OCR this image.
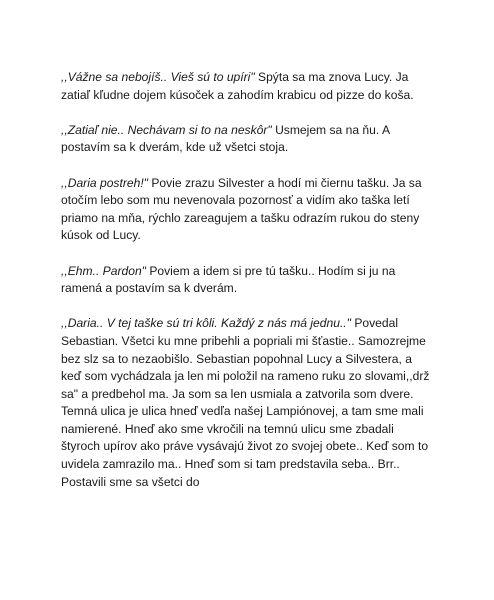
,,Vážne sa nebojíš.. Vieš sú to upíri" Spýta sa ma znova Lucy. Ja zatiaľ kľudne dojem kúsoček a zahodím krabicu od pizze do koša.

,,Zatiaľ nie.. Nechávam si to na neskôr" Usmejem sa na ňu. A postavím sa k dverám, kde už všetci stoja.

,,Daria postreh!" Povie zrazu Silvester a hodí mi čiernu tašku. Ja sa otočím lebo som mu nevenovala pozornosť a vidím ako taška letí priamo na mňa, rýchlo zareagujem a tašku odrazím rukou do steny kúsok od Lucy.

,,Ehm.. Pardon" Poviem a idem si pre tú tašku.. Hodím si ju na ramená a postavím sa k dverám.

,,Daria.. V tej taške sú tri kôli. Každý z nás má jednu.." Povedal Sebastian. Všetci ku mne pribehli a popriali mi šťastie.. Samozrejme bez slz sa to nezaobišlo. Sebastian popohnal Lucy a Silvestera, a keď som vychádzala ja len mi položil na rameno ruku zo slovami,,drž sa" a predbehol ma. Ja som sa len usmiala a zatvorila som dvere. Temná ulica je ulica hneď vedľa našej Lampiónovej, a tam sme mali namierené. Hneď ako sme vkročili na temnú ulicu sme zbadali štyroch upírov ako práve vysávajú život zo svojej obete.. Keď som to uvidela zamrazilo ma.. Hneď som si tam predstavila seba.. Brr.. Postavili sme sa všetci do
